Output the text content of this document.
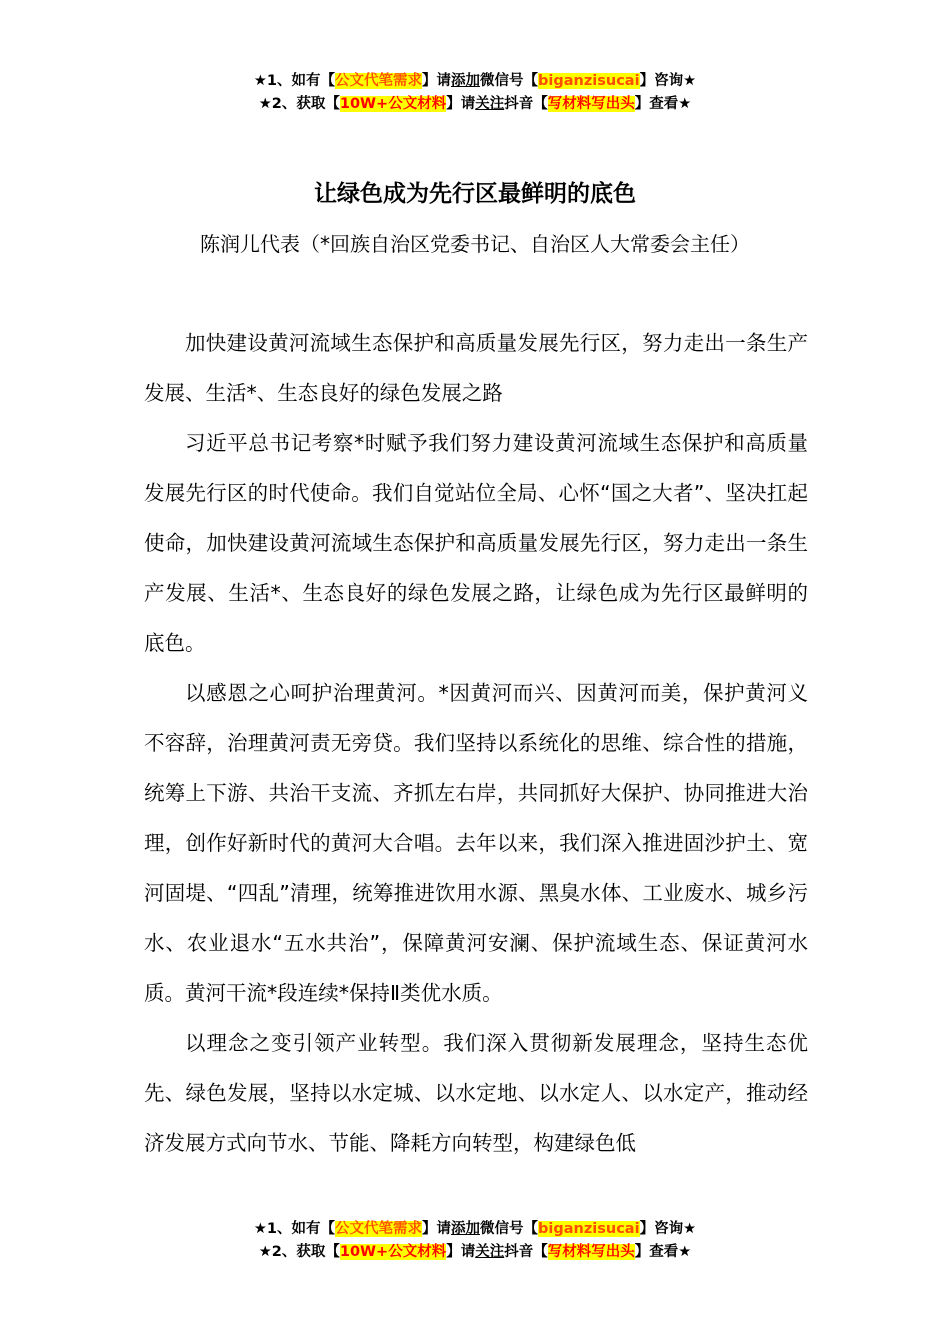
★1、如有【公文代笔需求】请添加微信号【biganzisucai】咨询★
★2、获取【10W+公文材料】请关注抖音【写材料写出头】查看★
让绿色成为先行区最鲜明的底色
陈润儿代表（*回族自治区党委书记、自治区人大常委会主任）

加快建设黄河流域生态保护和高质量发展先行区，努力走出一条生产发展、生活*、生态良好的绿色发展之路

习近平总书记考察*时赋予我们努力建设黄河流域生态保护和高质量发展先行区的时代使命。我们自觉站位全局、心怀“国之大者”、坚决扛起使命，加快建设黄河流域生态保护和高质量发展先行区，努力走出一条生产发展、生活*、生态良好的绿色发展之路，让绿色成为先行区最鲜明的底色。

以感恩之心呵护治理黄河。*因黄河而兴、因黄河而美，保护黄河义不容辞，治理黄河责无旁贷。我们坚持以系统化的思维、综合性的措施，统筹上下游、共治干支流、齐抓左右岸，共同抓好大保护、协同推进大治理，创作好新时代的黄河大合唱。去年以来，我们深入推进固沙护土、宽河固堤、“四乱”清理，统筹推进饮用水源、黑臭水体、工业废水、城乡污水、农业退水“五水共治”，保障黄河安澜、保护流域生态、保证黄河水质。黄河干流*段连续*保持Ⅱ类优水质。

以理念之变引领产业转型。我们深入贯彻新发展理念，坚持生态优先、绿色发展，坚持以水定城、以水定地、以水定人、以水定产，推动经济发展方式向节水、节能、降耗方向转型，构建绿色低

★1、如有【公文代笔需求】请添加微信号【biganzisucai】咨询★
★2、获取【10W+公文材料】请关注抖音【写材料写出头】查看★
